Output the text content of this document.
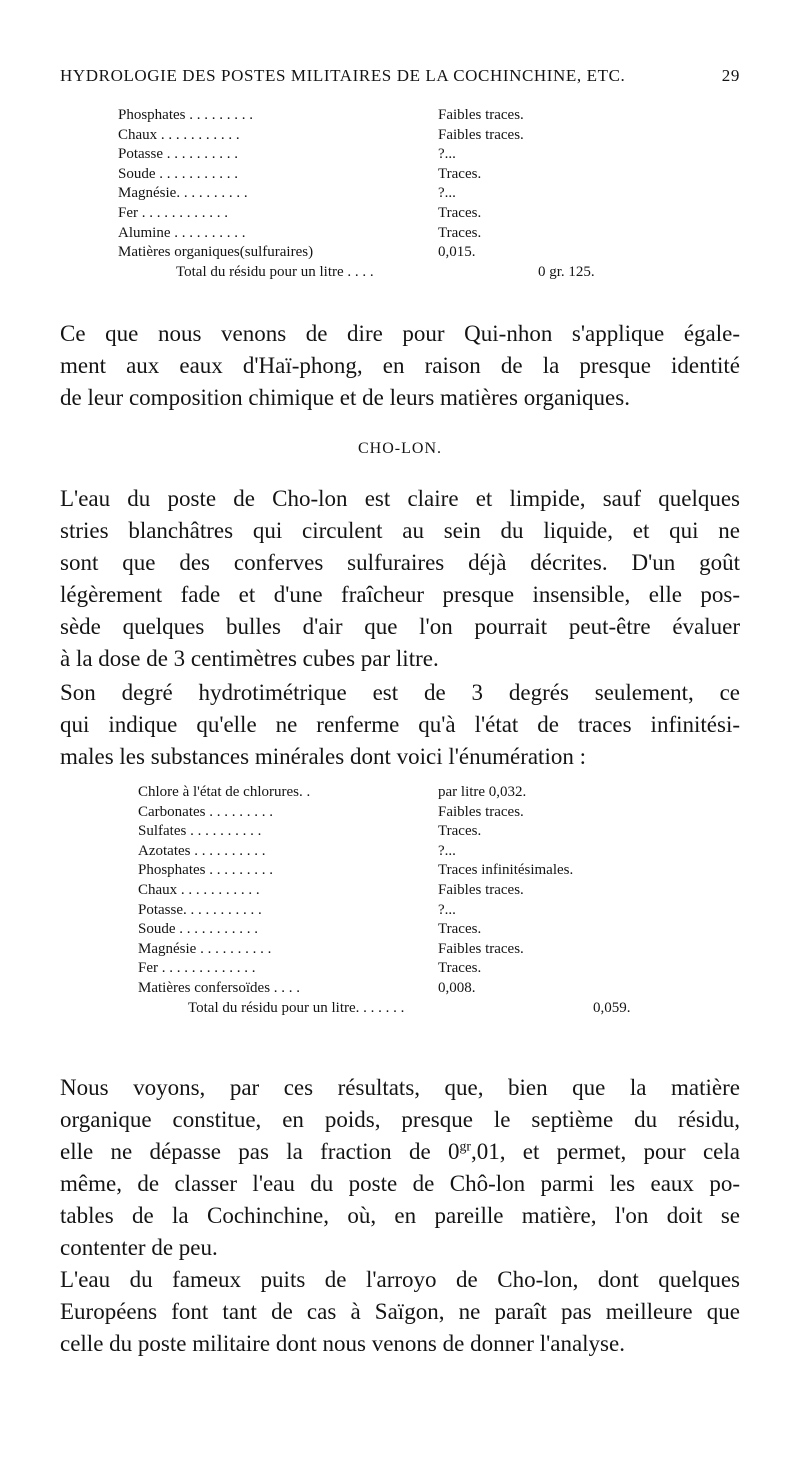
HYDROLOGIE DES POSTES MILITAIRES DE LA COCHINCHINE, ETC.	29
Phosphates . . . . . . . . .	Faibles traces.
Chaux . . . . . . . . . . .	Faibles traces.
Potasse . . . . . . . . . .	?...
Soude . . . . . . . . . . .	Traces.
Magnésie. . . . . . . . . .	?...
Fer . . . . . . . . . . . .	Traces.
Alumine . . . . . . . . . .	Traces.
Matières organiques(sulfuraires)	0,015.
Total du résidu pour un litre . . . .	0 gr. 125.

Ce que nous venons de dire pour Qui-nhon s'applique égale-
ment aux eaux d'Haï-phong, en raison de la presque identité
de leur composition chimique et de leurs matières organiques.

CHO-LON.

L'eau du poste de Cho-lon est claire et limpide, sauf quelques
stries blanchâtres qui circulent au sein du liquide, et qui ne
sont que des conferves sulfuraires déjà décrites. D'un goût
légèrement fade et d'une fraîcheur presque insensible, elle pos-
sède quelques bulles d'air que l'on pourrait peut-être évaluer
à la dose de 3 centimètres cubes par litre.

Son degré hydrotimétrique est de 3 degrés seulement, ce
qui indique qu'elle ne renferme qu'à l'état de traces infinitési-
males les substances minérales dont voici l'énumération :

Chlore à l'état de chlorures. .	par litre 0,032.
Carbonates . . . . . . . . .	Faibles traces.
Sulfates . . . . . . . . . .	Traces.
Azotates . . . . . . . . . .	?...
Phosphates . . . . . . . . .	Traces infinitésimales.
Chaux . . . . . . . . . . .	Faibles traces.
Potasse. . . . . . . . . . .	?...
Soude . . . . . . . . . . .	Traces.
Magnésie . . . . . . . . . .	Faibles traces.
Fer . . . . . . . . . . . . .	Traces.
Matières confersoïdes . . . .	0,008.
Total du résidu pour un litre. . . . . . .	0,059.

Nous voyons, par ces résultats, que, bien que la matière
organique constitue, en poids, presque le septième du résidu,
elle ne dépasse pas la fraction de $0^{gr},01$, et permet, pour cela
même, de classer l'eau du poste de Chô-lon parmi les eaux po-
tables de la Cochinchine, où, en pareille matière, l'on doit se
contenter de peu.

L'eau du fameux puits de l'arroyo de Cho-lon, dont quelques
Européens font tant de cas à Saïgon, ne paraît pas meilleure que
celle du poste militaire dont nous venons de donner l'analyse.
